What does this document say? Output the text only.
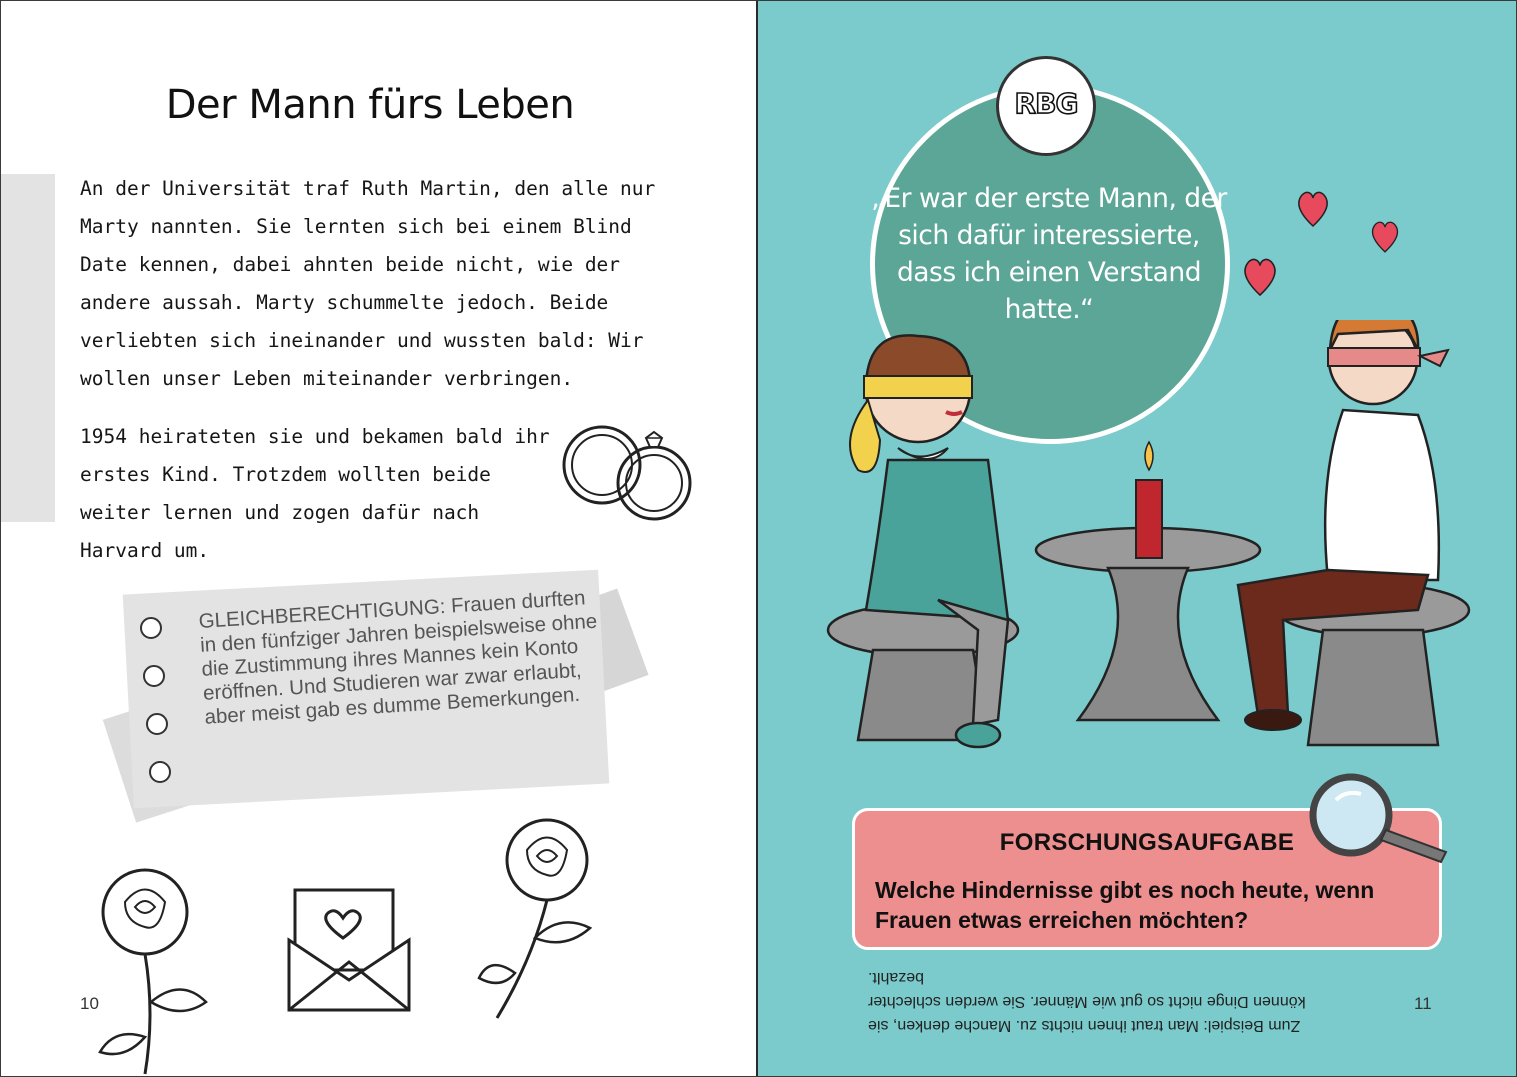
Der Mann fürs Leben
An der Universität traf Ruth Martin, den alle nur Marty nannten. Sie lernten sich bei einem Blind Date kennen, dabei ahnten beide nicht, wie der andere aussah. Marty schummelte jedoch. Beide verliebten sich ineinander und wussten bald: Wir wollen unser Leben miteinander verbringen.
1954 heirateten sie und bekamen bald ihr erstes Kind. Trotzdem wollten beide weiter lernen und zogen dafür nach Harvard um.
GLEICHBERECHTIGUNG: Frauen durften in den fünfziger Jahren beispielsweise ohne die Zustimmung ihres Mannes kein Konto eröffnen. Und Studieren war zwar erlaubt, aber meist gab es dumme Bemerkungen.
10
RBG
„Er war der erste Mann, der sich dafür interessierte, dass ich einen Verstand hatte.“
FORSCHUNGSAUFGABE
Welche Hindernisse gibt es noch heute, wenn Frauen etwas erreichen möchten?
Zum Beispiel: Man traut ihnen nichts zu. Manche denken, sie können Dinge nicht so gut wie Männer. Sie werden schlechter bezahlt.
11
